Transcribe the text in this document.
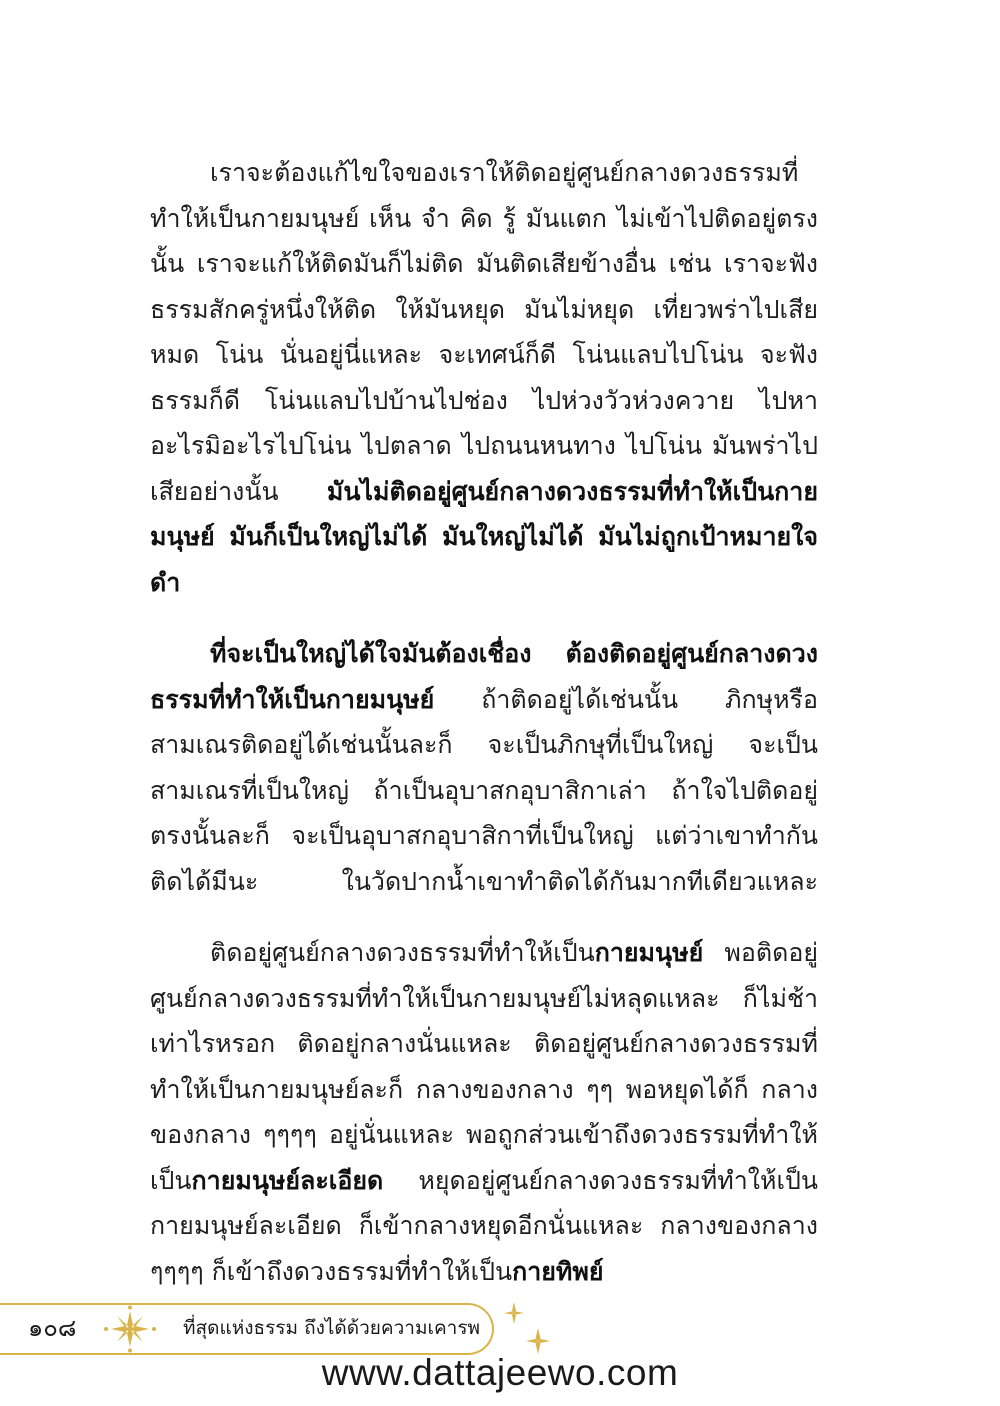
เราจะต้องแก้ไขใจของเราให้ติดอยู่ศูนย์กลางดวงธรรมที่ทำให้เป็นกายมนุษย์ เห็น จำ คิด รู้ มันแตก ไม่เข้าไปติดอยู่ตรงนั้น เราจะแก้ให้ติดมันก็ไม่ติด มันติดเสียข้างอื่น เช่น เราจะฟังธรรมสักครู่หนึ่งให้ติด ให้มันหยุด มันไม่หยุด เที่ยวพร่าไปเสียหมด โน่น นั่นอยู่นี่แหละ จะเทศน์ก็ดี โน่นแลบไปโน่น จะฟังธรรมก็ดี โน่นแลบไปบ้านไปช่อง ไปห่วงวัวห่วงควาย ไปหาอะไรมิอะไรไปโน่น ไปตลาด ไปถนนหนทาง ไปโน่น มันพร่าไปเสียอย่างนั้น มันไม่ติดอยู่ศูนย์กลางดวงธรรมที่ทำให้เป็นกายมนุษย์ มันก็เป็นใหญ่ไม่ได้ มันใหญ่ไม่ได้ มันไม่ถูกเป้าหมายใจดำ

ที่จะเป็นใหญ่ได้ใจมันต้องเชื่อง ต้องติดอยู่ศูนย์กลางดวงธรรมที่ทำให้เป็นกายมนุษย์ ถ้าติดอยู่ได้เช่นนั้น ภิกษุหรือสามเณรติดอยู่ได้เช่นนั้นละก็ จะเป็นภิกษุที่เป็นใหญ่ จะเป็นสามเณรที่เป็นใหญ่ ถ้าเป็นอุบาสกอุบาสิกาเล่า ถ้าใจไปติดอยู่ตรงนั้นละก็ จะเป็นอุบาสกอุบาสิกาที่เป็นใหญ่ แต่ว่าเขาทำกันติดได้มีนะ ในวัดปากน้ำเขาทำติดได้กันมากทีเดียวแหละ

ติดอยู่ศูนย์กลางดวงธรรมที่ทำให้เป็นกายมนุษย์ พอติดอยู่ศูนย์กลางดวงธรรมที่ทำให้เป็นกายมนุษย์ไม่หลุดแหละ ก็ไม่ช้าเท่าไรหรอก ติดอยู่กลางนั่นแหละ ติดอยู่ศูนย์กลางดวงธรรมที่ทำให้เป็นกายมนุษย์ละก็ กลางของกลาง ๆๆ พอหยุดได้ก็ กลางของกลาง ๆๆๆๆ อยู่นั่นแหละ พอถูกส่วนเข้าถึงดวงธรรมที่ทำให้เป็นกายมนุษย์ละเอียด หยุดอยู่ศูนย์กลางดวงธรรมที่ทำให้เป็นกายมนุษย์ละเอียด ก็เข้ากลางหยุดอีกนั่นแหละ กลางของกลาง ๆๆๆๆ ก็เข้าถึงดวงธรรมที่ทำให้เป็นกายทิพย์

๑๐๘	ที่สุดแห่งธรรม ถึงได้ด้วยความเคารพ
www.dattajeewo.com
